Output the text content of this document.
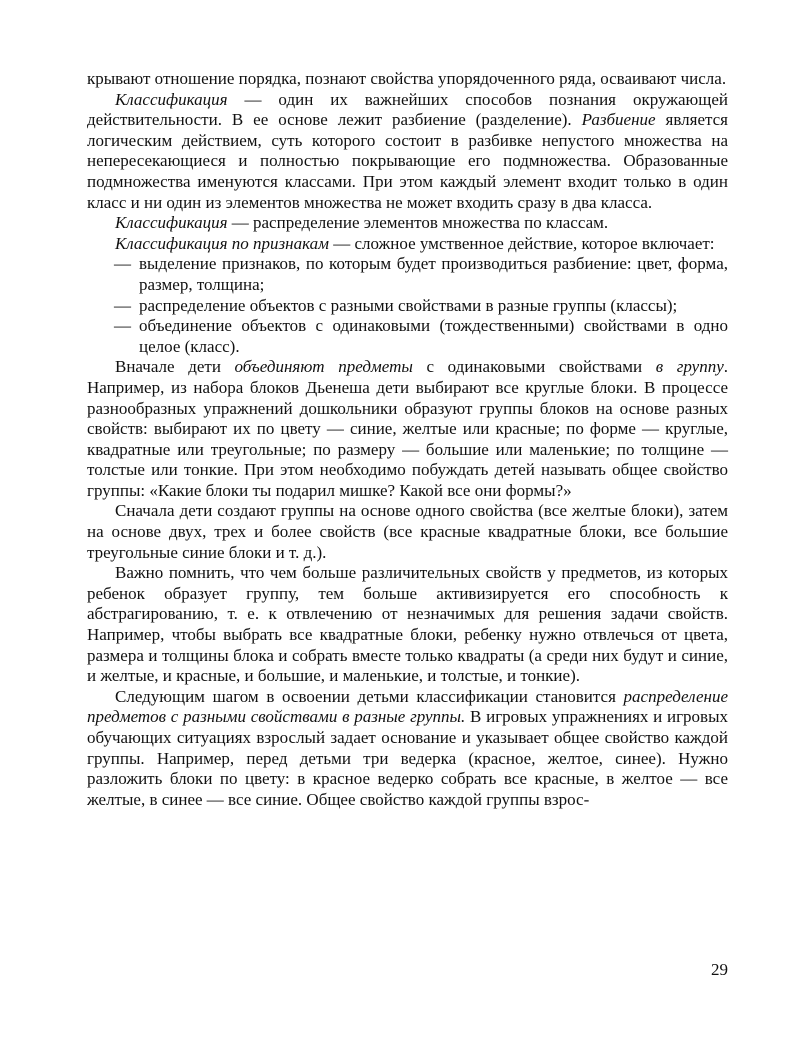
крывают отношение порядка, познают свойства упорядоченного ряда, осваивают числа.

Классификация — один их важнейших способов познания окружающей действительности. В ее основе лежит разбиение (разделение). Разбиение является логическим действием, суть которого состоит в разбивке непустого множества на непересекающиеся и полностью покрывающие его подмножества. Образованные подмножества именуются классами. При этом каждый элемент входит только в один класс и ни один из элементов множества не может входить сразу в два класса.

Классификация — распределение элементов множества по классам.

Классификация по признакам — сложное умственное действие, которое включает:

— выделение признаков, по которым будет производиться разбиение: цвет, форма, размер, толщина;
— распределение объектов с разными свойствами в разные группы (классы);
— объединение объектов с одинаковыми (тождественными) свойствами в одно целое (класс).

Вначале дети объединяют предметы с одинаковыми свойствами в группу. Например, из набора блоков Дьенеша дети выбирают все круглые блоки. В процессе разнообразных упражнений дошкольники образуют группы блоков на основе разных свойств: выбирают их по цвету — синие, желтые или красные; по форме — круглые, квадратные или треугольные; по размеру — большие или маленькие; по толщине — толстые или тонкие. При этом необходимо побуждать детей называть общее свойство группы: «Какие блоки ты подарил мишке? Какой все они формы?»

Сначала дети создают группы на основе одного свойства (все желтые блоки), затем на основе двух, трех и более свойств (все красные квадратные блоки, все большие треугольные синие блоки и т. д.).

Важно помнить, что чем больше различительных свойств у предметов, из которых ребенок образует группу, тем больше активизируется его способность к абстрагированию, т. е. к отвлечению от незначимых для решения задачи свойств. Например, чтобы выбрать все квадратные блоки, ребенку нужно отвлечься от цвета, размера и толщины блока и собрать вместе только квадраты (а среди них будут и синие, и желтые, и красные, и большие, и маленькие, и толстые, и тонкие).

Следующим шагом в освоении детьми классификации становится распределение предметов с разными свойствами в разные группы. В игровых упражнениях и игровых обучающих ситуациях взрослый задает основание и указывает общее свойство каждой группы. Например, перед детьми три ведерка (красное, желтое, синее). Нужно разложить блоки по цвету: в красное ведерко собрать все красные, в желтое — все желтые, в синее — все синие. Общее свойство каждой группы взрос-

29
